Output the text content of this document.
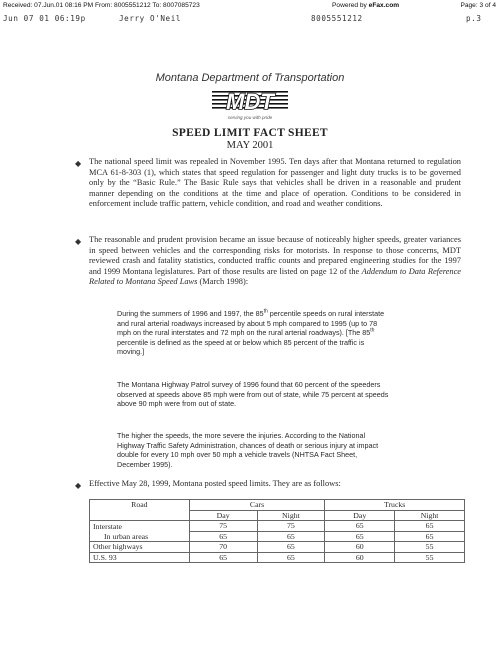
Received: 07.Jun.01 08:16 PM From: 8005551212 To: 8007085723	Powered by eFax.com	Page: 3 of 4
Jun 07 01 06:19p	Jerry O'Neil	8005551212	p.3
Montana Department of Transportation
MDT
serving you with pride
SPEED LIMIT FACT SHEET
MAY 2001
◆ The national speed limit was repealed in November 1995. Ten days after that Montana returned to regulation MCA 61-8-303 (1), which states that speed regulation for passenger and light duty trucks is to be governed only by the “Basic Rule.” The Basic Rule says that vehicles shall be driven in a reasonable and prudent manner depending on the conditions at the time and place of operation. Conditions to be considered in enforcement include traffic pattern, vehicle condition, and road and weather conditions.
◆ The reasonable and prudent provision became an issue because of noticeably higher speeds, greater variances in speed between vehicles and the corresponding risks for motorists. In response to those concerns, MDT reviewed crash and fatality statistics, conducted traffic counts and prepared engineering studies for the 1997 and 1999 Montana legislatures. Part of those results are listed on page 12 of the Addendum to Data Reference Related to Montana Speed Laws (March 1998):
During the summers of 1996 and 1997, the 85th percentile speeds on rural interstate and rural arterial roadways increased by about 5 mph compared to 1995 (up to 78 mph on the rural interstates and 72 mph on the rural arterial roadways). [The 85th percentile is defined as the speed at or below which 85 percent of the traffic is moving.]
The Montana Highway Patrol survey of 1996 found that 60 percent of the speeders observed at speeds above 85 mph were from out of state, while 75 percent at speeds above 90 mph were from out of state.
The higher the speeds, the more severe the injuries. According to the National Highway Traffic Safety Administration, chances of death or serious injury at impact double for every 10 mph over 50 mph a vehicle travels (NHTSA Fact Sheet, December 1995).
◆ Effective May 28, 1999, Montana posted speed limits. They are as follows:
Road	Cars		Trucks	
	Day	Night	Day	Night
Interstate	75	75	65	65
In urban areas	65	65	65	65
Other highways	70	65	60	55
U.S. 93	65	65	60	55
